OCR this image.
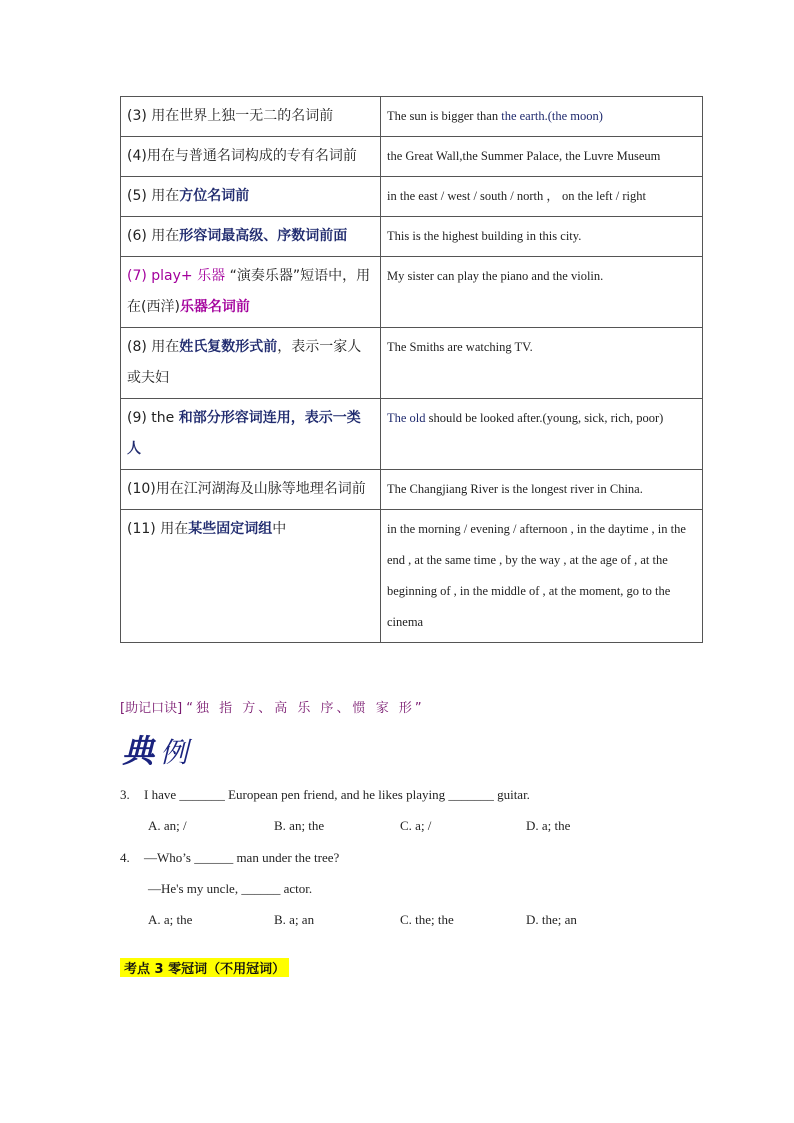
(3) 用在世界上独一无二的名词前	The sun is bigger than the earth.(the moon)
(4)用在与普通名词构成的专有名词前	the Great Wall,the Summer Palace, the Luvre Museum
(5) 用在方位名词前	in the east / west / south / north ， on the left / right
(6) 用在形容词最高级、序数词前面	This is the highest building in this city.
(7) play+ 乐器 “演奏乐器”短语中，用在(西洋)乐器名词前	My sister can play the piano and the violin.
(8) 用在姓氏复数形式前，表示一家人或夫妇	The Smiths are watching TV.
(9) the 和部分形容词连用，表示一类人	The old should be looked after.(young, sick, rich, poor)
(10)用在江河湖海及山脉等地理名词前	The Changjiang River is the longest river in China.
(11) 用在某些固定词组中	in the morning / evening / afternoon , in the daytime , in the end , at the same time , by the way , at the age of , at the beginning of , in the middle of , at the moment, go to the cinema
[助记口诀] “独 指 方、高 乐 序、惯 家 形”
典 例
3. I have _______ European pen friend, and he likes playing _______ guitar.
A. an; /	B. an; the	C. a; /	D. a; the
4. —Who’s ______ man under the tree?
—He's my uncle, ______ actor.
A. a; the	B. a; an	C. the; the	D. the; an
考点 3 零冠词（不用冠词）
